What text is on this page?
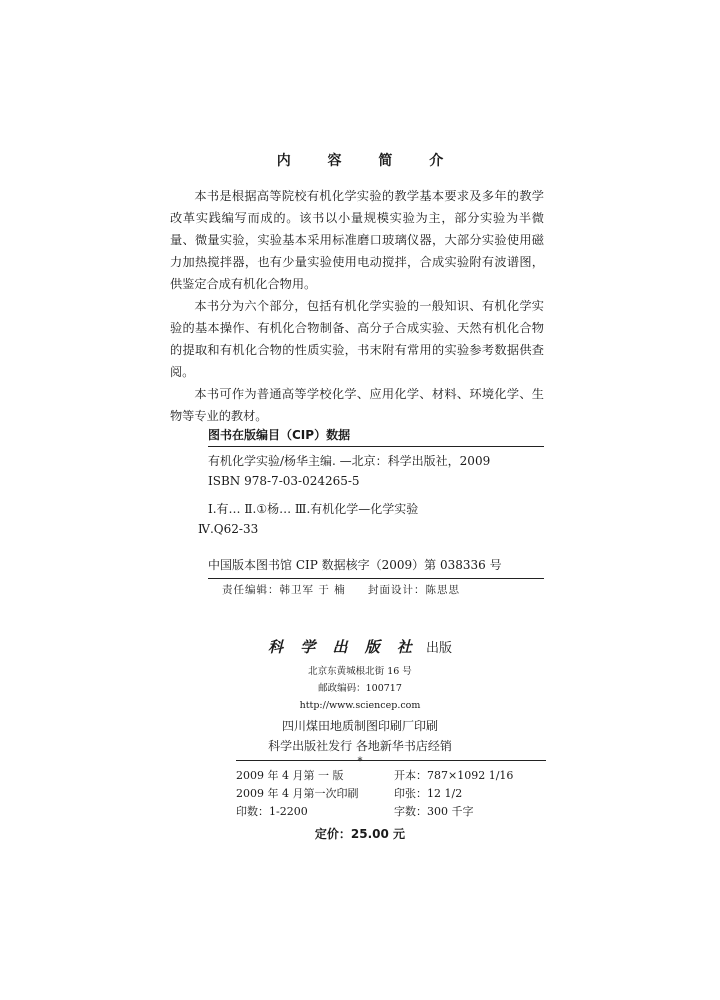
内 容 简 介

本书是根据高等院校有机化学实验的教学基本要求及多年的教学改革实践编写而成的。该书以小量规模实验为主，部分实验为半微量、微量实验，实验基本采用标准磨口玻璃仪器，大部分实验使用磁力加热搅拌器，也有少量实验使用电动搅拌，合成实验附有波谱图，供鉴定合成有机化合物用。

本书分为六个部分，包括有机化学实验的一般知识、有机化学实验的基本操作、有机化合物制备、高分子合成实验、天然有机化合物的提取和有机化合物的性质实验，书末附有常用的实验参考数据供查阅。

本书可作为普通高等学校化学、应用化学、材料、环境化学、生物等专业的教材。

图书在版编目（CIP）数据
有机化学实验/杨华主编. —北京：科学出版社，2009
ISBN 978-7-03-024265-5
Ⅰ.有… Ⅱ.①杨… Ⅲ.有机化学—化学实验
Ⅳ.Q62-33
中国版本图书馆 CIP 数据核字（2009）第 038336 号
责任编辑：韩卫军 于 楠 封面设计：陈思思
科 学 出 版 社 出版
北京东黄城根北街 16 号
邮政编码：100717
http://www.sciencep.com
四川煤田地质制图印刷厂印刷
科学出版社发行 各地新华书店经销
*
2009 年 4 月第 一 版	开本：787×1092 1/16
2009 年 4 月第一次印刷	印张：12 1/2
印数：1-2200	字数：300 千字
定价：25.00 元
